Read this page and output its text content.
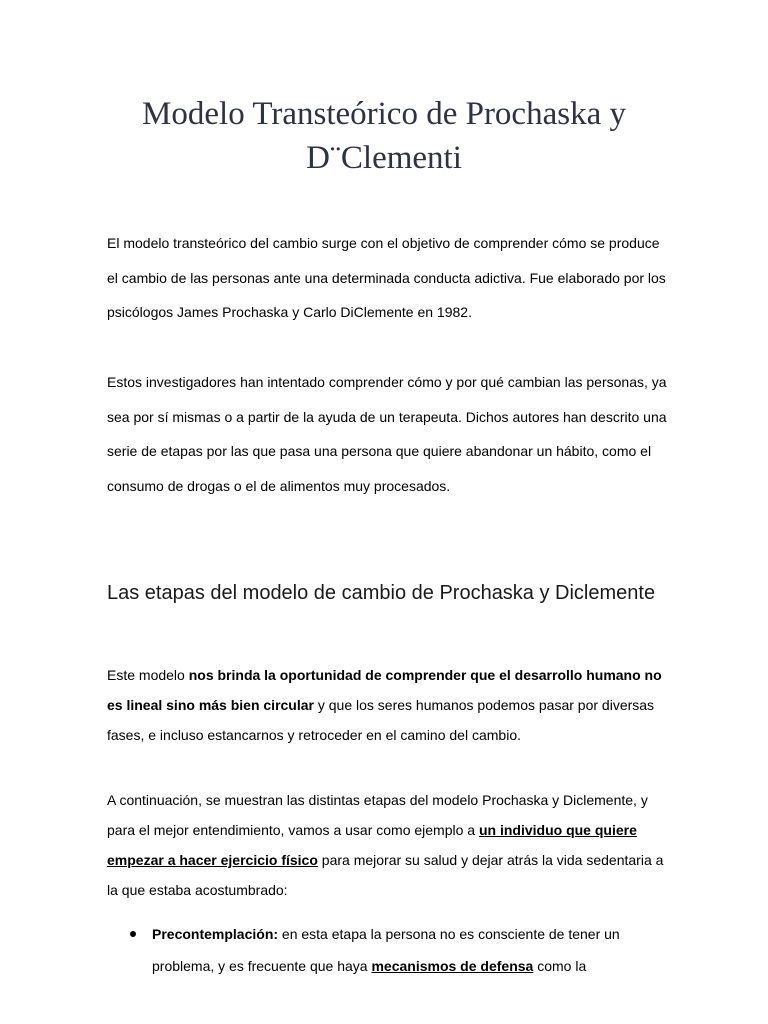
Modelo Transteórico de Prochaska y
D¨Clementi

El modelo transteórico del cambio surge con el objetivo de comprender cómo se produce el cambio de las personas ante una determinada conducta adictiva. Fue elaborado por los psicólogos James Prochaska y Carlo DiClemente en 1982.

Estos investigadores han intentado comprender cómo y por qué cambian las personas, ya sea por sí mismas o a partir de la ayuda de un terapeuta. Dichos autores han descrito una serie de etapas por las que pasa una persona que quiere abandonar un hábito, como el consumo de drogas o el de alimentos muy procesados.

Las etapas del modelo de cambio de Prochaska y Diclemente

Este modelo nos brinda la oportunidad de comprender que el desarrollo humano no es lineal sino más bien circular y que los seres humanos podemos pasar por diversas fases, e incluso estancarnos y retroceder en el camino del cambio.

A continuación, se muestran las distintas etapas del modelo Prochaska y Diclemente, y para el mejor entendimiento, vamos a usar como ejemplo a un individuo que quiere empezar a hacer ejercicio físico para mejorar su salud y dejar atrás la vida sedentaria a la que estaba acostumbrado:

Precontemplación: en esta etapa la persona no es consciente de tener un problema, y es frecuente que haya mecanismos de defensa como la
